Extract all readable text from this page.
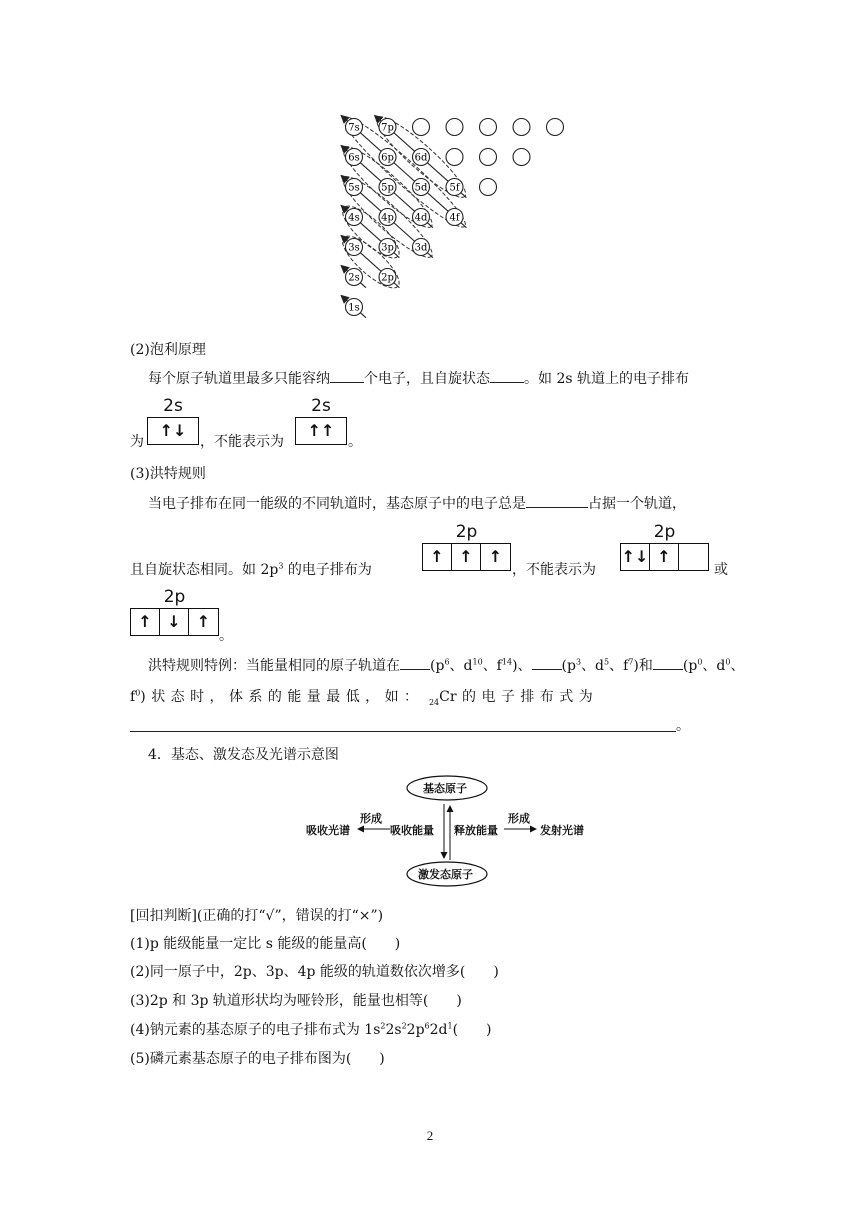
7s 7p
6s 6p 6d
5s 5p 5d 5f
4s 4p 4d 4f
3s 3p 3d
2s 2p
1s
(2)泡利原理
每个原子轨道里最多只能容纳 个电子，且自旋状态 。如 2s 轨道上的电子排布
为
2s
↑↓
，不能表示为
2s
↑↑
。
(3)洪特规则
当电子排布在同一能级的不同轨道时，基态原子中的电子总是	占据一个轨道，
且自旋状态相同。如 $2p^3$ 的电子排布为
2p
↑ ↑ ↑
，不能表示为
2p
↑↓ ↑
或
2p
↑ ↓ ↑
。
洪特规则特例：当能量相同的原子轨道在 ($p^6$、$d^{10}$、$f^{14}$)、 ($p^3$、$d^5$、$f^7$)和 ($p^0$、$d^0$、
$f^0$) 状 态 时 ， 体 系 的 能 量 最 低 ， 如 ： $_{24}$Cr 的 电 子 排 布 式 为
。
4．基态、激发态及光谱示意图
基态原子
激发态原子
吸收光谱
形成
吸收能量 释放能量
形成
发射光谱
[回扣判断](正确的打“√”，错误的打“×”)
(1)p 能级能量一定比 s 能级的能量高(　　)
(2)同一原子中，2p、3p、4p 能级的轨道数依次增多(　　)
(3)2p 和 3p 轨道形状均为哑铃形，能量也相等(　　)
(4)钠元素的基态原子的电子排布式为 $1s^22s^22p^62d^1$(　　)
(5)磷元素基态原子的电子排布图为(　　)
2
